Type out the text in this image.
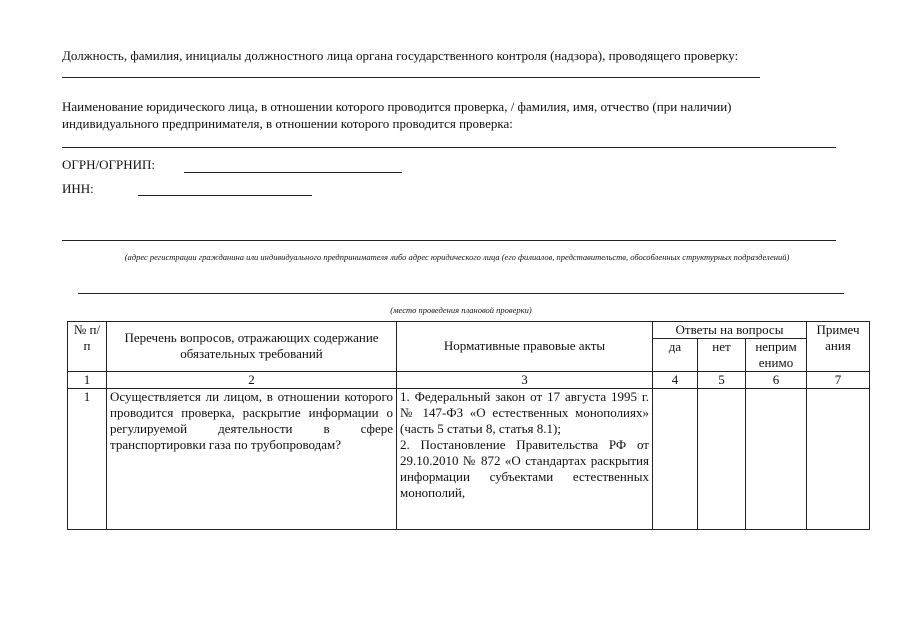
Должность, фамилия, инициалы должностного лица органа государственного контроля (надзора), проводящего проверку:
Наименование юридического лица, в отношении которого проводится проверка, / фамилия, имя, отчество (при наличии)
индивидуального предпринимателя, в отношении которого проводится проверка:
ОГРН/ОГРНИП:
ИНН:
(адрес регистрации гражданина или индивидуального предпринимателя либо адрес юридического лица (его филиалов, представительств, обособленных структурных подразделений)
(место проведения плановой проверки)
№ п/п	Перечень вопросов, отражающих содержание обязательных требований	Нормативные правовые акты	Ответы на вопросы			Примеч ания
			да	нет	неприм енимо	
1	2	3	4	5	6	7
1	Осуществляется ли лицом, в отношении которого проводится проверка, раскрытие информации о регулируемой деятельности в сфере транспортировки газа по трубопроводам?	1. Федеральный закон от 17 августа 1995 г. № 147-ФЗ «О естественных монополиях» (часть 5 статьи 8, статья 8.1);
2. Постановление Правительства РФ от 29.10.2010 № 872 «О стандартах раскрытия информации субъектами естественных монополий,				
